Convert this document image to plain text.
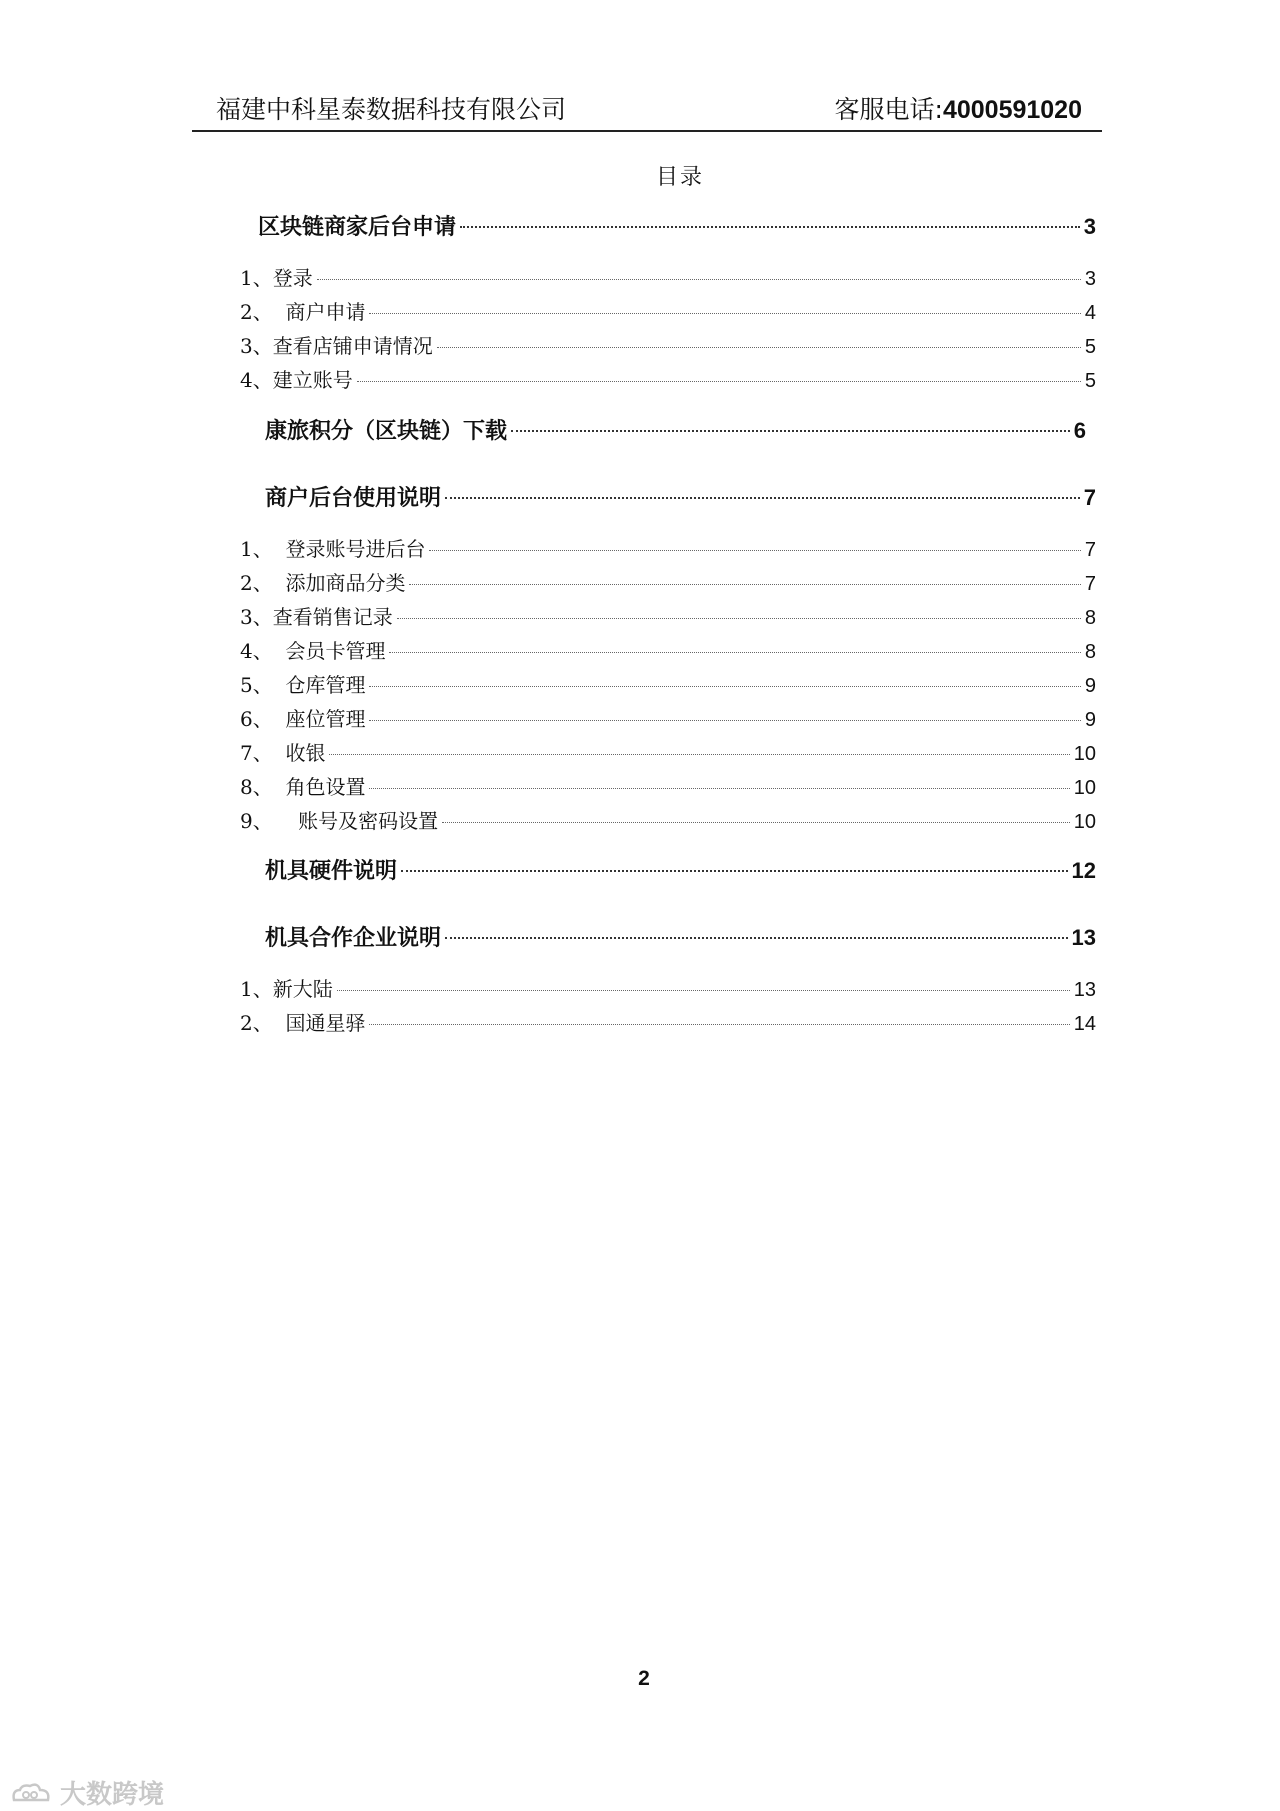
福建中科星泰数据科技有限公司	客服电话:4000591020
目录
区块链商家后台申请	3
1、登录	3
2、  商户申请	4
3、查看店铺申请情况	5
4、建立账号	5
康旅积分（区块链）下载	6
商户后台使用说明	7
1、  登录账号进后台	7
2、  添加商品分类	7
3、查看销售记录	8
4、  会员卡管理	8
5、  仓库管理	9
6、  座位管理	9
7、  收银	10
8、  角色设置	10
9、    账号及密码设置	10
机具硬件说明	12
机具合作企业说明	13
1、新大陆	13
2、  国通星驿	14
2
大数跨境
